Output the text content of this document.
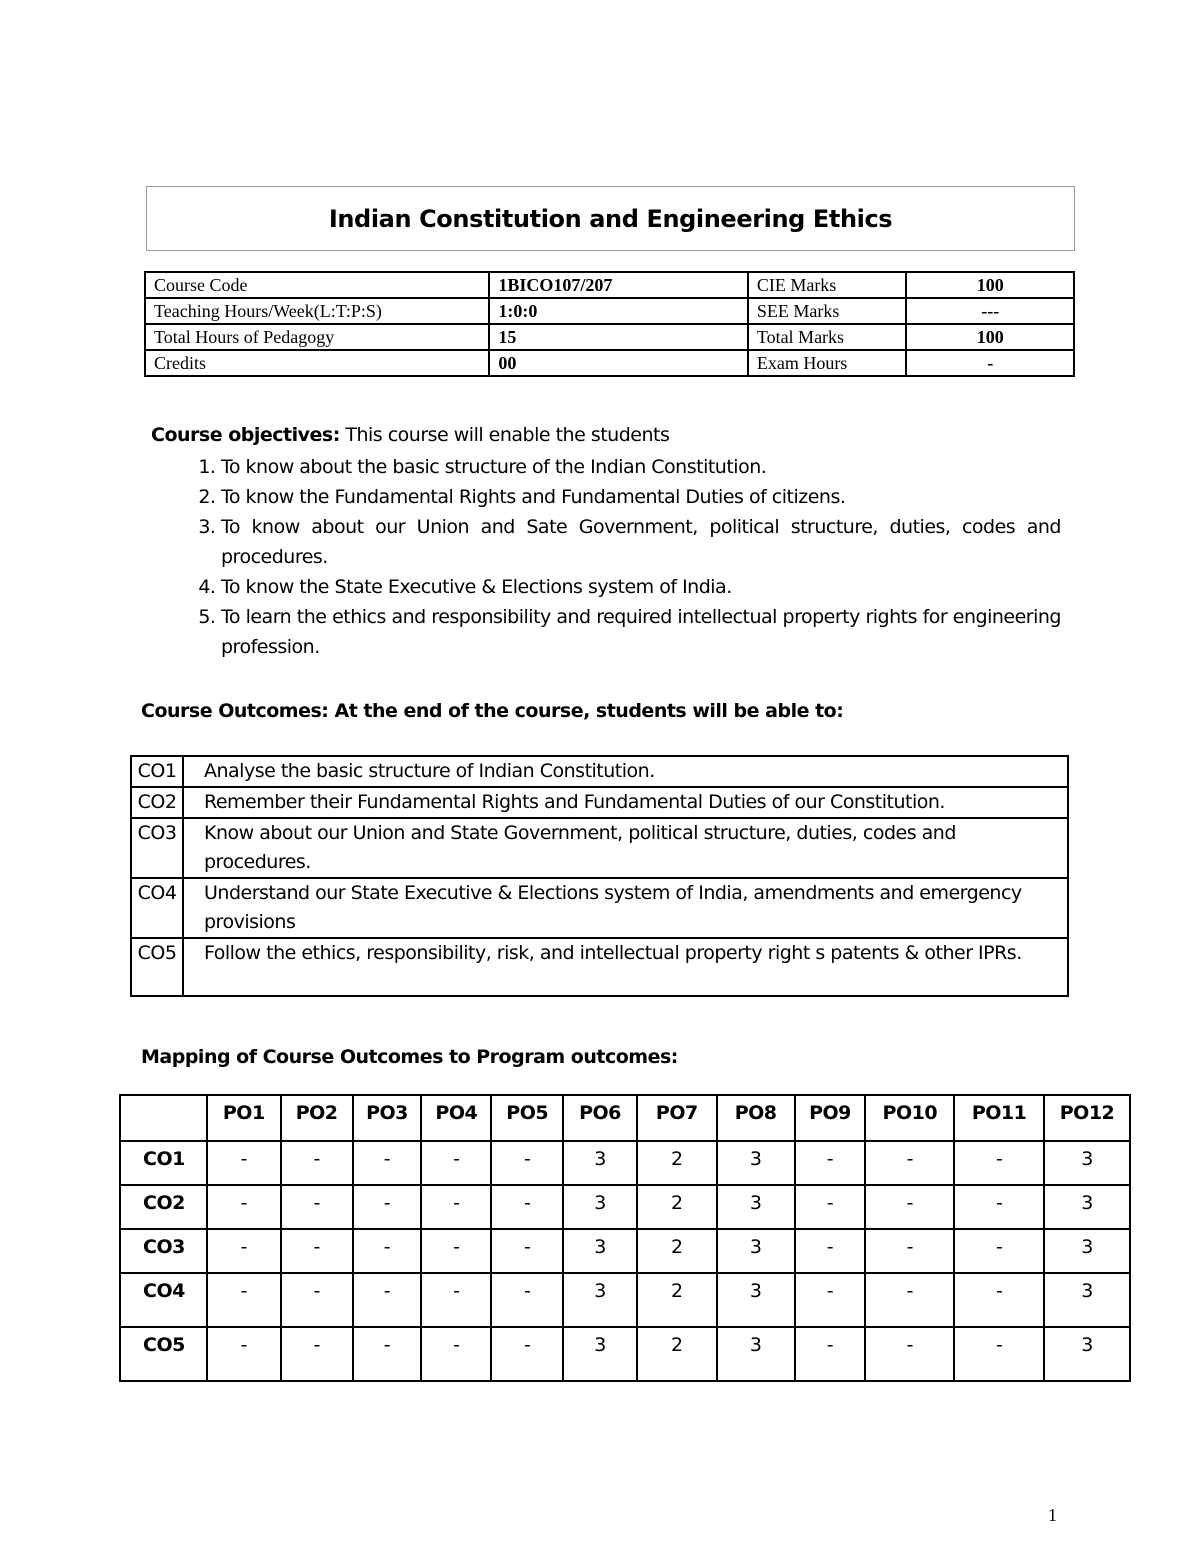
Indian Constitution and Engineering Ethics
Course Code	1BICO107/207	CIE Marks	100
Teaching Hours/Week(L:T:P:S)	1:0:0	SEE Marks	---
Total Hours of Pedagogy	15	Total Marks	100
Credits	00	Exam Hours	-
Course objectives: This course will enable the students
1. To know about the basic structure of the Indian Constitution.
2. To know the Fundamental Rights and Fundamental Duties of citizens.
3. To know about our Union and Sate Government, political structure, duties, codes and procedures.
4. To know the State Executive & Elections system of India.
5. To learn the ethics and responsibility and required intellectual property rights for engineering profession.
Course Outcomes: At the end of the course, students will be able to:
CO1	Analyse the basic structure of Indian Constitution.
CO2	Remember their Fundamental Rights and Fundamental Duties of our Constitution.
CO3	Know about our Union and State Government, political structure, duties, codes and procedures.
CO4	Understand our State Executive & Elections system of India, amendments and emergency provisions
CO5	Follow the ethics, responsibility, risk, and intellectual property right s patents & other IPRs.
Mapping of Course Outcomes to Program outcomes:
	PO1	PO2	PO3	PO4	PO5	PO6	PO7	PO8	PO9	PO10	PO11	PO12
CO1	-	-	-	-	-	3	2	3	-	-	-	3
CO2	-	-	-	-	-	3	2	3	-	-	-	3
CO3	-	-	-	-	-	3	2	3	-	-	-	3
CO4	-	-	-	-	-	3	2	3	-	-	-	3
CO5	-	-	-	-	-	3	2	3	-	-	-	3
1
